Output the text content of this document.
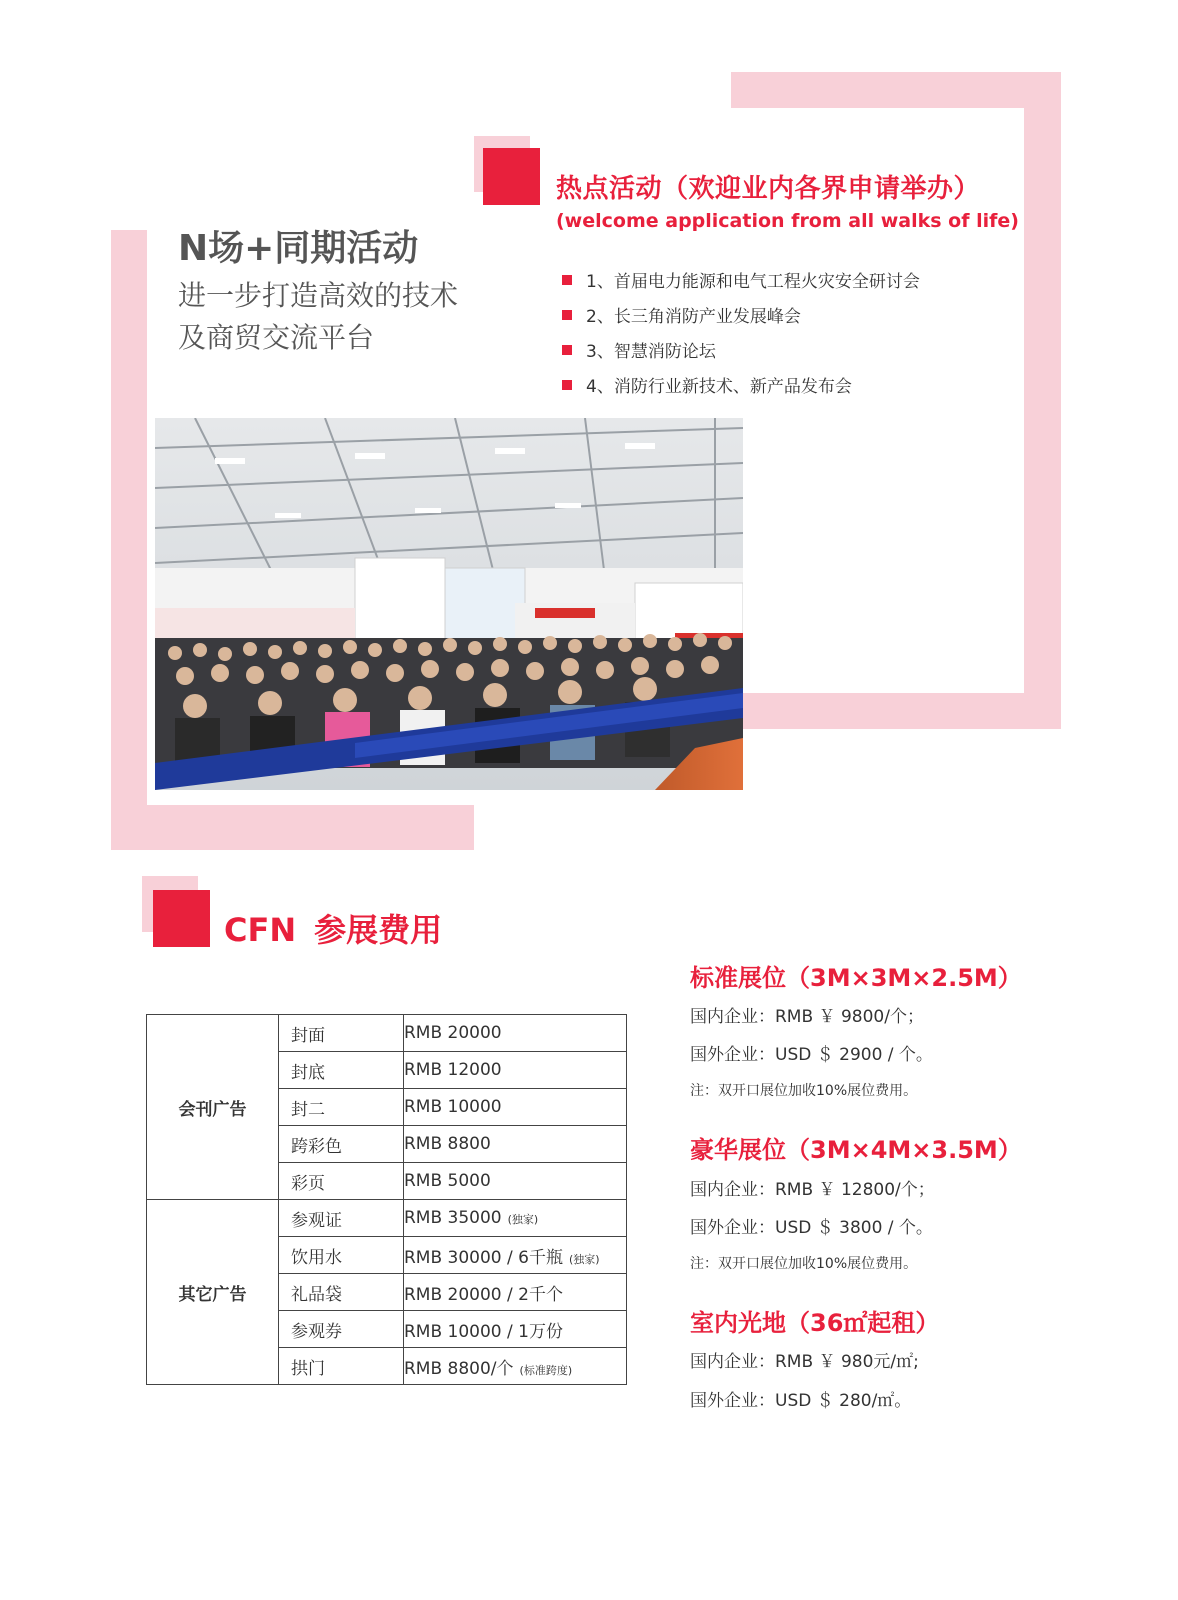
热点活动（欢迎业内各界申请举办）
(welcome application from all walks of life)
1、首届电力能源和电气工程火灾安全研讨会
2、长三角消防产业发展峰会
3、智慧消防论坛
4、消防行业新技术、新产品发布会
N场+同期活动
进一步打造高效的技术
及商贸交流平台
CFN 参展费用
会刊广告	封面	RMB 20000
	封底	RMB 12000
	封二	RMB 10000
	跨彩色	RMB 8800
	彩页	RMB 5000
其它广告	参观证	RMB 35000 (独家)
	饮用水	RMB 30000 / 6千瓶 (独家)
	礼品袋	RMB 20000 / 2千个
	参观券	RMB 10000 / 1万份
	拱门	RMB 8800/个 (标准跨度)
标准展位（3M×3M×2.5M）
国内企业：RMB ￥ 9800/个；
国外企业：USD ＄ 2900 / 个。
注：双开口展位加收10%展位费用。
豪华展位（3M×4M×3.5M）
国内企业：RMB ￥ 12800/个；
国外企业：USD ＄ 3800 / 个。
注：双开口展位加收10%展位费用。
室内光地（36㎡起租）
国内企业：RMB ￥ 980元/㎡;
国外企业：USD ＄ 280/㎡。
